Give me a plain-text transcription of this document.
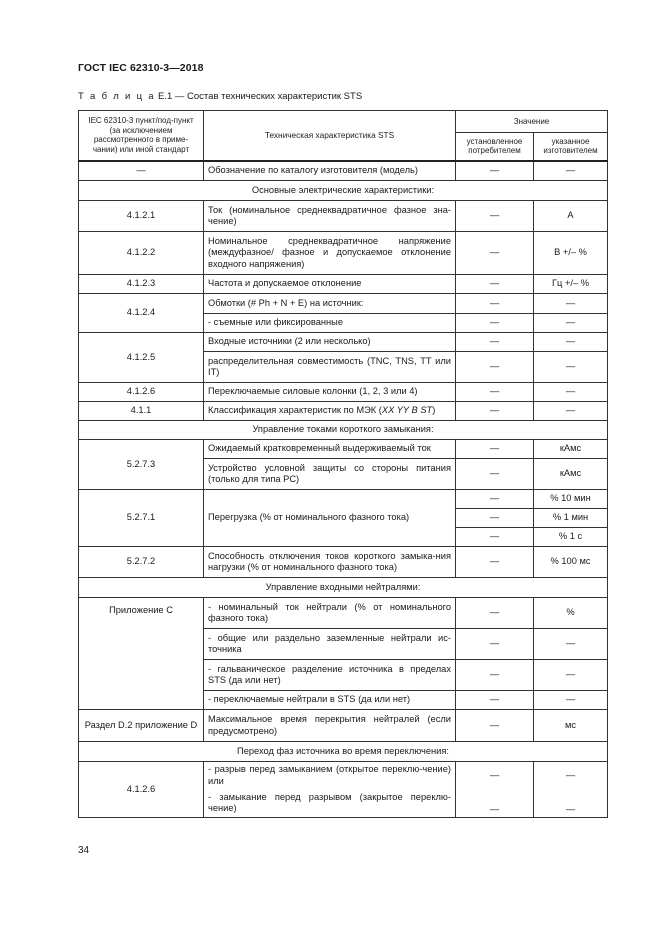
ГОСТ IEC 62310-3—2018
Т а б л и ц а Е.1 — Состав технических характеристик STS
IEC 62310-3 пункт/под-пункт (за исключением рассмотренного в приме-чании) или иной стандарт	Техническая характеристика STS	Значение	
		установленное потребителем	указанное изготовителем
—	Обозначение по каталогу изготовителя (модель)	—	—
Основные электрические характеристики:			
4.1.2.1	Ток (номинальное среднеквадратичное фазное зна-чение)	—	А
4.1.2.2	Номинальное среднеквадратичное напряжение (междуфазное/ фазное и допускаемое отклонение входного напряжения)	—	В +/– %
4.1.2.3	Частота и допускаемое отклонение	—	Гц +/– %
4.1.2.4	Обмотки (# Ph + N + E) на источник:	—	—
	- съемные или фиксированные	—	—
4.1.2.5	Входные источники (2 или несколько)	—	—
	распределительная совместимость (TNC, TNS, TT или IT)	—	—
4.1.2.6	Переключаемые силовые колонки (1, 2, 3 или 4)	—	—
4.1.1	Классификация характеристик по МЭК (XX YY B ST)	—	—
Управление токами короткого замыкания:			
5.2.7.3	Ожидаемый кратковременный выдерживаемый ток	—	кАмс
	Устройство условной защиты со стороны питания (только для типа PC)	—	кАмс
5.2.7.1	Перегрузка (% от номинального фазного тока)	—	% 10 мин
		—	% 1 мин
		—	% 1 с
5.2.7.2	Способность отключения токов короткого замыка-ния нагрузки (% от номинального фазного тока)	—	% 100 мс
Управление входными нейтралями:			
Приложение С	- номинальный ток нейтрали (% от номинального фазного тока)	—	%
	- общие или раздельно заземленные нейтрали ис-точника	—	—
	- гальваническое разделение источника в пределах STS (да или нет)	—	—
	- переключаемые нейтрали в STS (да или нет)	—	—
Раздел D.2 приложение D	Максимальное время перекрытия нейтралей (если предусмотрено)	—	мс
Переход фаз источника во время переключения:			
4.1.2.6	- разрыв перед замыканием (открытое переклю-чение) или	—	—
	- замыкание перед разрывом (закрытое переклю-чение)	—	—
34
